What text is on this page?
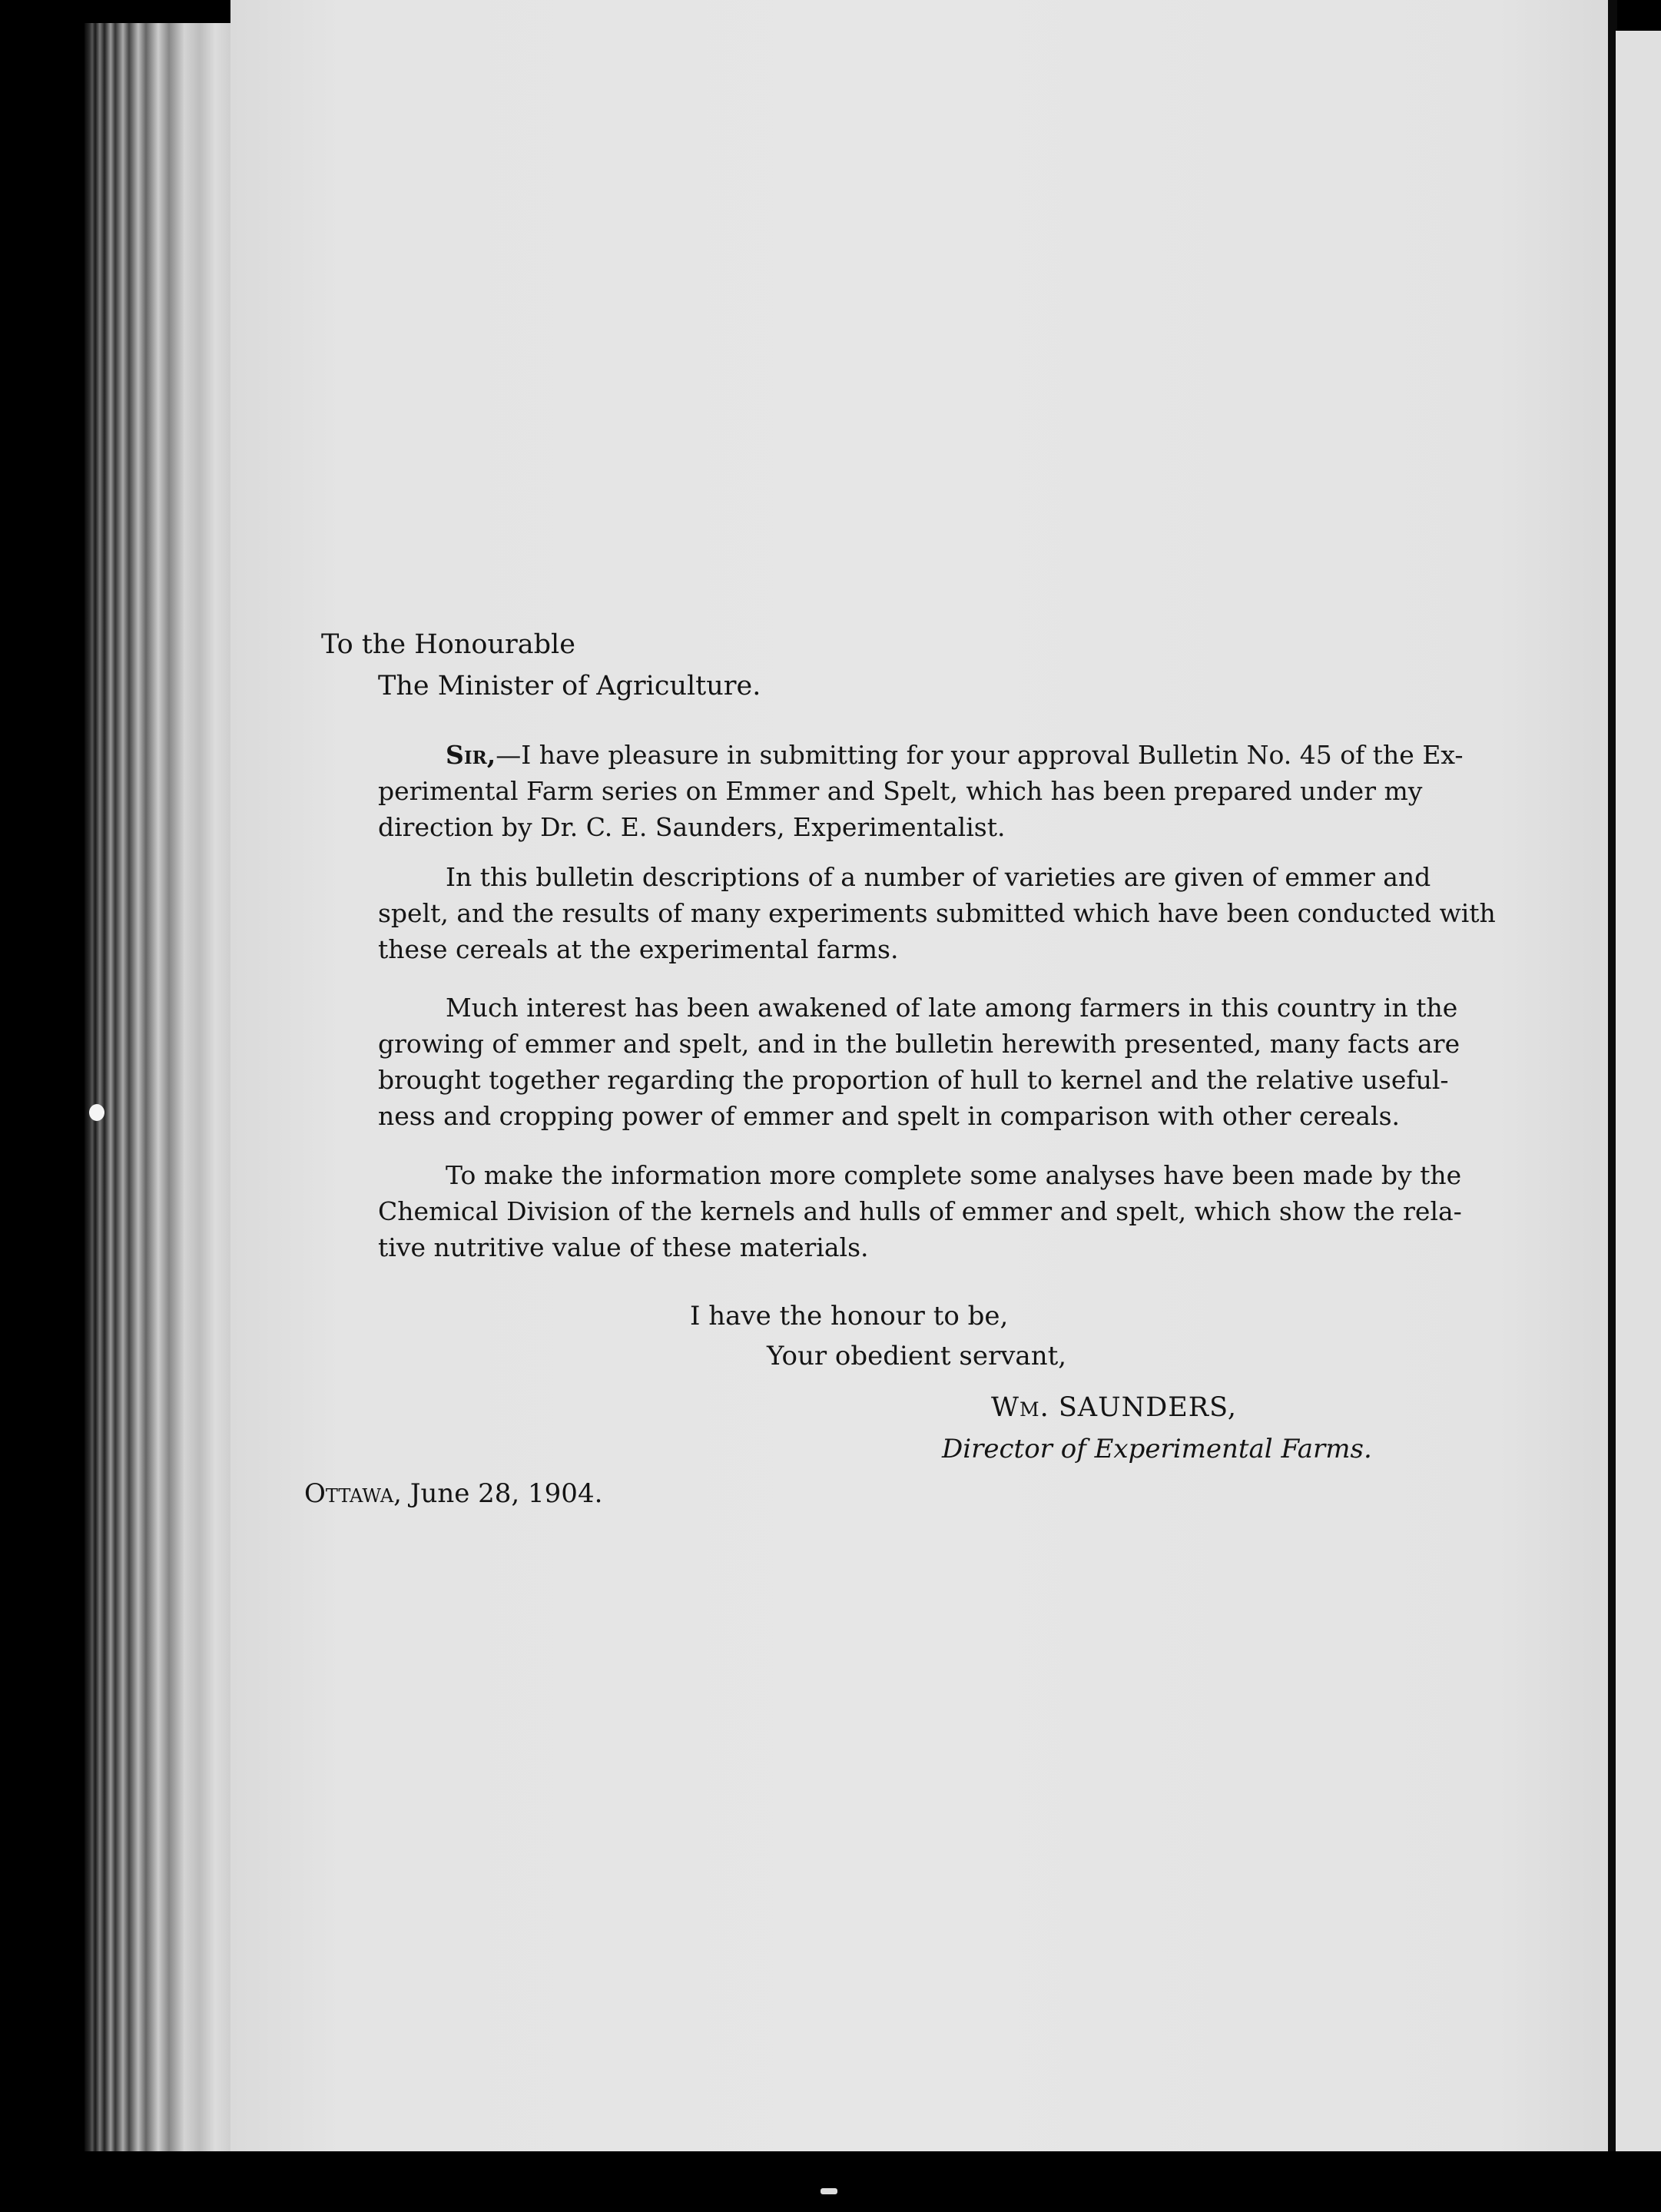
To the Honourable
The Minister of Agriculture.
Sir,—I have pleasure in submitting for your approval Bulletin No. 45 of the Ex-
perimental Farm series on Emmer and Spelt, which has been prepared under my
direction by Dr. C. E. Saunders, Experimentalist.
In this bulletin descriptions of a number of varieties are given of emmer and
spelt, and the results of many experiments submitted which have been conducted with
these cereals at the experimental farms.
Much interest has been awakened of late among farmers in this country in the
growing of emmer and spelt, and in the bulletin herewith presented, many facts are
brought together regarding the proportion of hull to kernel and the relative useful-
ness and cropping power of emmer and spelt in comparison with other cereals.
To make the information more complete some analyses have been made by the
Chemical Division of the kernels and hulls of emmer and spelt, which show the rela-
tive nutritive value of these materials.
I have the honour to be,
Your obedient servant,
Wm. SAUNDERS,
Director of Experimental Farms.
Ottawa, June 28, 1904.
